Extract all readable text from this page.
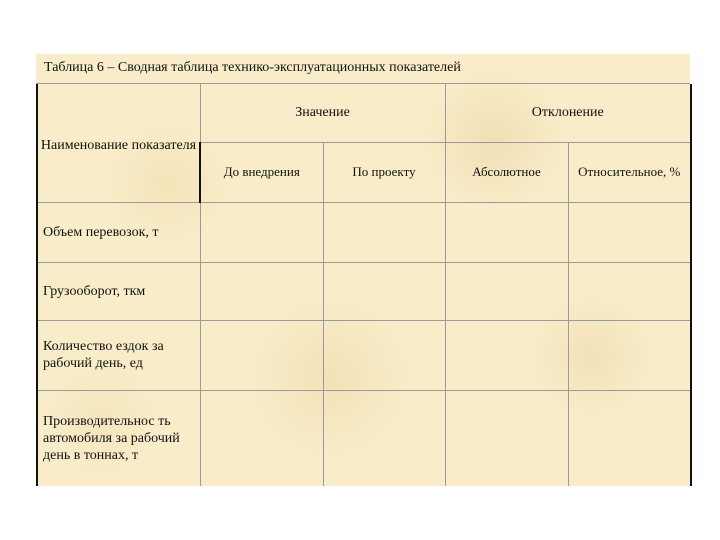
Таблица 6 – Сводная таблица технико-эксплуатационных показателей
Наименование показателя	Значение		Отклонение	
	До внедрения	По проекту	Абсолютное	Относительное, %
Объем перевозок, т				
Грузооборот, ткм				
Количество ездок за рабочий день, ед				
Производительнос ть автомобиля за рабочий день в тоннах, т				
